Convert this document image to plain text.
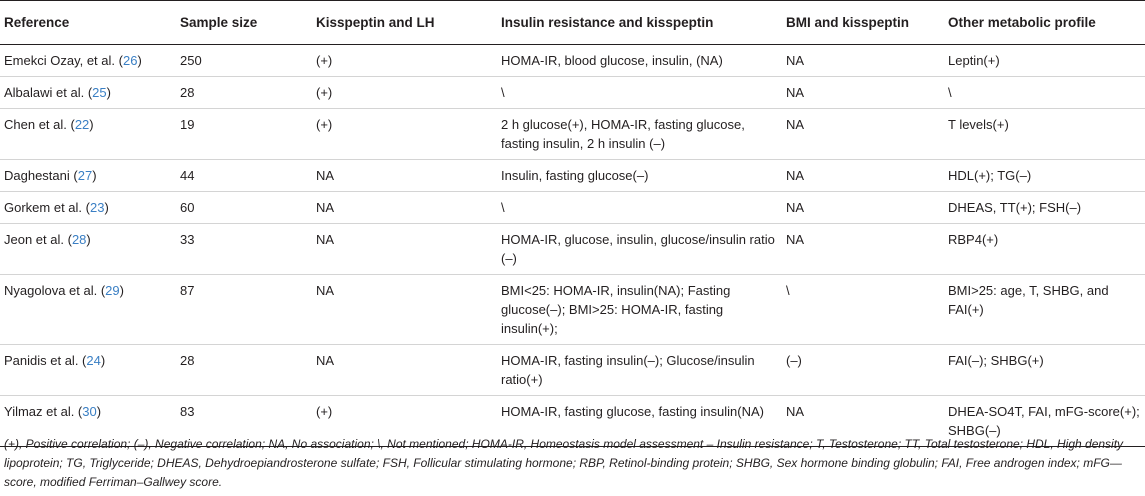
Reference	Sample size	Kisspeptin and LH	Insulin resistance and kisspeptin	BMI and kisspeptin	Other metabolic profile
Emekci Ozay, et al. (26)	250	(+)	HOMA-IR, blood glucose, insulin, (NA)	NA	Leptin(+)
Albalawi et al. (25)	28	(+)	\	NA	\
Chen et al. (22)	19	(+)	2 h glucose(+), HOMA-IR, fasting glucose, fasting insulin, 2 h insulin (–)	NA	T levels(+)
Daghestani (27)	44	NA	Insulin, fasting glucose(–)	NA	HDL(+); TG(–)
Gorkem et al. (23)	60	NA	\	NA	DHEAS, TT(+); FSH(–)
Jeon et al. (28)	33	NA	HOMA-IR, glucose, insulin, glucose/insulin ratio (–)	NA	RBP4(+)
Nyagolova et al. (29)	87	NA	BMI<25: HOMA-IR, insulin(NA); Fasting glucose(–); BMI>25: HOMA-IR, fasting insulin(+);	\	BMI>25: age, T, SHBG, and FAI(+)
Panidis et al. (24)	28	NA	HOMA-IR, fasting insulin(–); Glucose/insulin ratio(+)	(–)	FAI(–); SHBG(+)
Yilmaz et al. (30)	83	(+)	HOMA-IR, fasting glucose, fasting insulin(NA)	NA	DHEA-SO4T, FAI, mFG-score(+); SHBG(–)
(+), Positive correlation; (–), Negative correlation; NA, No association; \, Not mentioned; HOMA-IR, Homeostasis model assessment – Insulin resistance; T, Testosterone; TT, Total testosterone; HDL, High density lipoprotein; TG, Triglyceride; DHEAS, Dehydroepiandrosterone sulfate; FSH, Follicular stimulating hormone; RBP, Retinol-binding protein; SHBG, Sex hormone binding globulin; FAI, Free androgen index; mFG—score, modified Ferriman–Gallwey score.
